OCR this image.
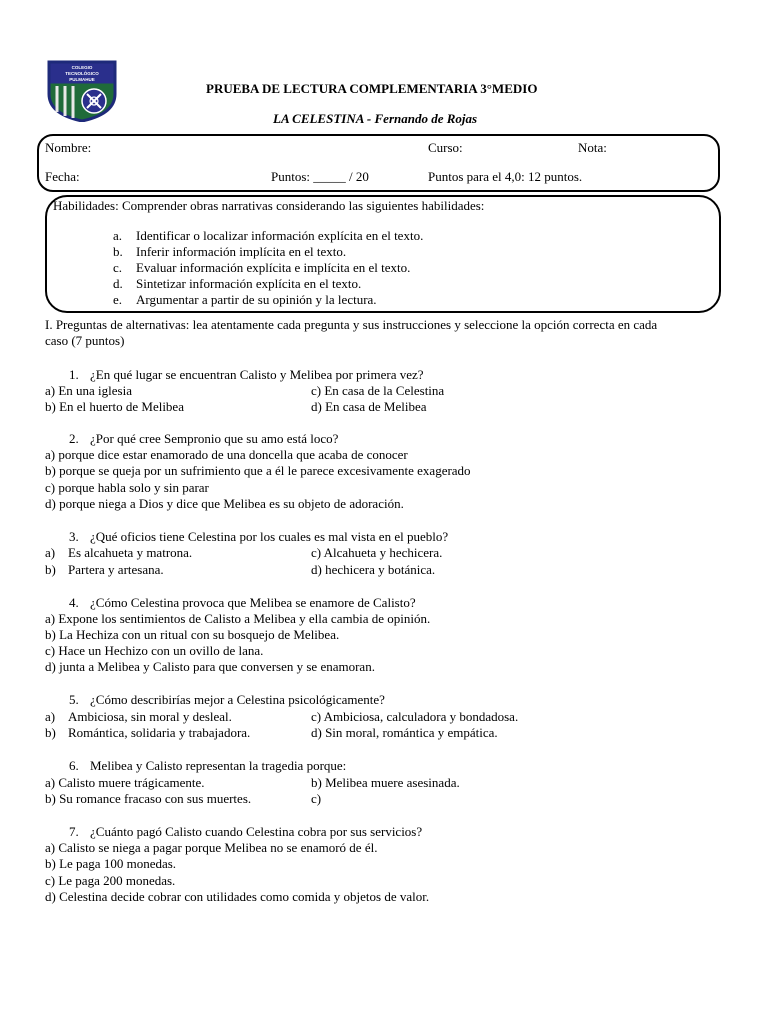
COLEGIO
TECNOLÓGICO
PULMAHUE
PRUEBA DE LECTURA COMPLEMENTARIA 3°MEDIO
LA CELESTINA - Fernando de Rojas
Nombre:	Curso:	Nota:
Fecha:	Puntos: _____ / 20	Puntos para el 4,0: 12 puntos.
Habilidades: Comprender obras narrativas considerando las siguientes habilidades:
a. Identificar o localizar información explícita en el texto.
b. Inferir información implícita en el texto.
c. Evaluar información explícita e implícita en el texto.
d. Sintetizar información explícita en el texto.
e. Argumentar a partir de su opinión y la lectura.
I. Preguntas de alternativas: lea atentamente cada pregunta y sus instrucciones y seleccione la opción correcta en cada
caso (7 puntos)
1. ¿En qué lugar se encuentran Calisto y Melibea por primera vez?
a) En una iglesia	c) En casa de la Celestina
b) En el huerto de Melibea	d) En casa de Melibea
2. ¿Por qué cree Sempronio que su amo está loco?
a) porque dice estar enamorado de una doncella que acaba de conocer
b) porque se queja por un sufrimiento que a él le parece excesivamente exagerado
c) porque habla solo y sin parar
d) porque niega a Dios y dice que Melibea es su objeto de adoración.
3. ¿Qué oficios tiene Celestina por los cuales es mal vista en el pueblo?
a) Es alcahueta y matrona.	c) Alcahueta y hechicera.
b) Partera y artesana.	d) hechicera y botánica.
4. ¿Cómo Celestina provoca que Melibea se enamore de Calisto?
a) Expone los sentimientos de Calisto a Melibea y ella cambia de opinión.
b) La Hechiza con un ritual con su bosquejo de Melibea.
c) Hace un Hechizo con un ovillo de lana.
d) junta a Melibea y Calisto para que conversen y se enamoran.
5. ¿Cómo describirías mejor a Celestina psicológicamente?
a) Ambiciosa, sin moral y desleal.	c) Ambiciosa, calculadora y bondadosa.
b) Romántica, solidaria y trabajadora.	d) Sin moral, romántica y empática.
6. Melibea y Calisto representan la tragedia porque:
a) Calisto muere trágicamente.	b) Melibea muere asesinada.
b) Su romance fracaso con sus muertes.	c)
7. ¿Cuánto pagó Calisto cuando Celestina cobra por sus servicios?
a) Calisto se niega a pagar porque Melibea no se enamoró de él.
b) Le paga 100 monedas.
c) Le paga 200 monedas.
d) Celestina decide cobrar con utilidades como comida y objetos de valor.
